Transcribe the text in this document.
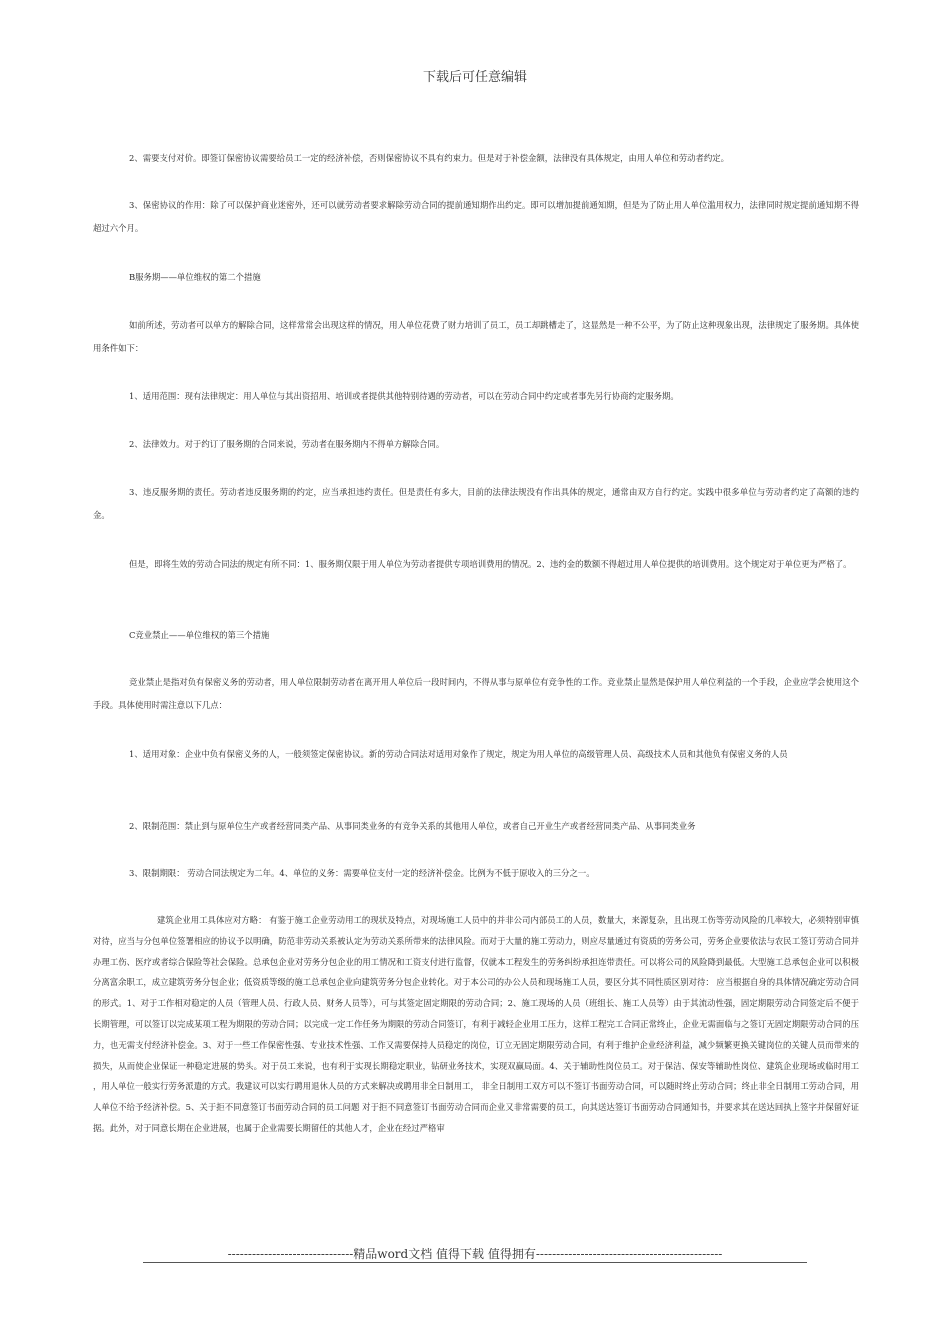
下载后可任意编辑
2、需要支付对价。即签订保密协议需要给员工一定的经济补偿，否则保密协议不具有约束力。但是对于补偿金额，法律没有具体规定，由用人单位和劳动者约定。
3、保密协议的作用：除了可以保护商业迷密外，还可以就劳动者要求解除劳动合同的提前通知期作出约定。即可以增加提前通知期，但是为了防止用人单位滥用权力，法律同时规定提前通知期不得超过六个月。
B服务期——单位维权的第二个措施
如前所述，劳动者可以单方的解除合同，这样常常会出现这样的情况，用人单位花费了财力培训了员工，员工却跳槽走了，这显然是一种不公平，为了防止这种现象出现，法律规定了服务期。具体使用条件如下：
1、适用范围：现有法律规定：用人单位与其出资招用、培训或者提供其他特别待遇的劳动者，可以在劳动合同中约定或者事先另行协商约定服务期。
2、法律效力。对于约订了服务期的合同来说，劳动者在服务期内不得单方解除合同。
3、违反服务期的责任。劳动者违反服务期的约定，应当承担违约责任。但是责任有多大，目前的法律法规没有作出具体的规定，通常由双方自行约定。实践中很多单位与劳动者约定了高额的违约金。
但是，即将生效的劳动合同法的规定有所不同：1、服务期仅限于用人单位为劳动者提供专项培训费用的情况。2、违约金的数额不得超过用人单位提供的培训费用。这个规定对于单位更为严格了。
C竞业禁止——单位维权的第三个措施
竞业禁止是指对负有保密义务的劳动者，用人单位限制劳动者在离开用人单位后一段时间内，不得从事与原单位有竞争性的工作。竞业禁止显然是保护用人单位利益的一个手段，企业应学会使用这个手段。具体使用时需注意以下几点：
1、适用对象：企业中负有保密义务的人，一般须签定保密协议。新的劳动合同法对适用对象作了规定，规定为用人单位的高级管理人员、高级技术人员和其他负有保密义务的人员
2、限制范围：禁止到与原单位生产或者经营同类产品、从事同类业务的有竞争关系的其他用人单位，或者自己开业生产或者经营同类产品、从事同类业务
3、限制期限： 劳动合同法规定为二年。4、单位的义务：需要单位支付一定的经济补偿金。比例为不低于原收入的三分之一。
建筑企业用工具体应对方略： 有鉴于施工企业劳动用工的现状及特点，对现场施工人员中的并非公司内部员工的人员，数量大，来源复杂，且出现工伤等劳动风险的几率较大，必须特别审慎对待，应当与分包单位签署相应的协议予以明确，防范非劳动关系被认定为劳动关系所带来的法律风险。而对于大量的施工劳动力，则应尽量通过有资质的劳务公司，劳务企业要依法与农民工签订劳动合同并办理工伤、医疗或者综合保险等社会保险。总承包企业对劳务分包企业的用工情况和工资支付进行监督，仅就本工程发生的劳务纠纷承担连带责任。可以将公司的风险降到最低。大型施工总承包企业可以积极分离富余职工，成立建筑劳务分包企业；低资质等级的施工总承包企业向建筑劳务分包企业转化。对于本公司的办公人员和现场施工人员，要区分其不同性质区别对待： 应当根据自身的具体情况确定劳动合同的形式。1、对于工作相对稳定的人员（管理人员、行政人员、财务人员等），可与其签定固定期限的劳动合同；2、施工现场的人员（班组长、施工人员等）由于其流动性强，固定期限劳动合同签定后不便于长期管理，可以签订以完成某项工程为期限的劳动合同；以完成一定工作任务为期限的劳动合同签订，有利于减轻企业用工压力，这样工程完工合同正常终止，企业无需面临与之签订无固定期限劳动合同的压力，也无需支付经济补偿金。3、对于一些工作保密性强、专业技术性强、工作又需要保持人员稳定的岗位，订立无固定期限劳动合同，有利于维护企业经济利益，减少频繁更换关键岗位的关键人员而带来的损失，从而使企业保证一种稳定进展的势头。对于员工来说，也有利于实现长期稳定职业，钻研业务技术，实现双赢局面。4、关于辅助性岗位员工。对于保洁、保安等辅助性岗位、建筑企业现场或临时用工 ，用人单位一般实行劳务派遣的方式。我建议可以实行聘用退休人员的方式来解决或聘用非全日制用工， 非全日制用工双方可以不签订书面劳动合同，可以随时终止劳动合同；终止非全日制用工劳动合同，用人单位不给予经济补偿。5、关于拒不同意签订书面劳动合同的员工问题 对于拒不同意签订书面劳动合同而企业又非常需要的员工，向其送达签订书面劳动合同通知书，并要求其在送达回执上签字并保留好证据。此外，对于同意长期在企业进展，也属于企业需要长期留任的其他人才，企业在经过严格审
-------------------------------精品word文档 值得下载 值得拥有----------------------------------------------
